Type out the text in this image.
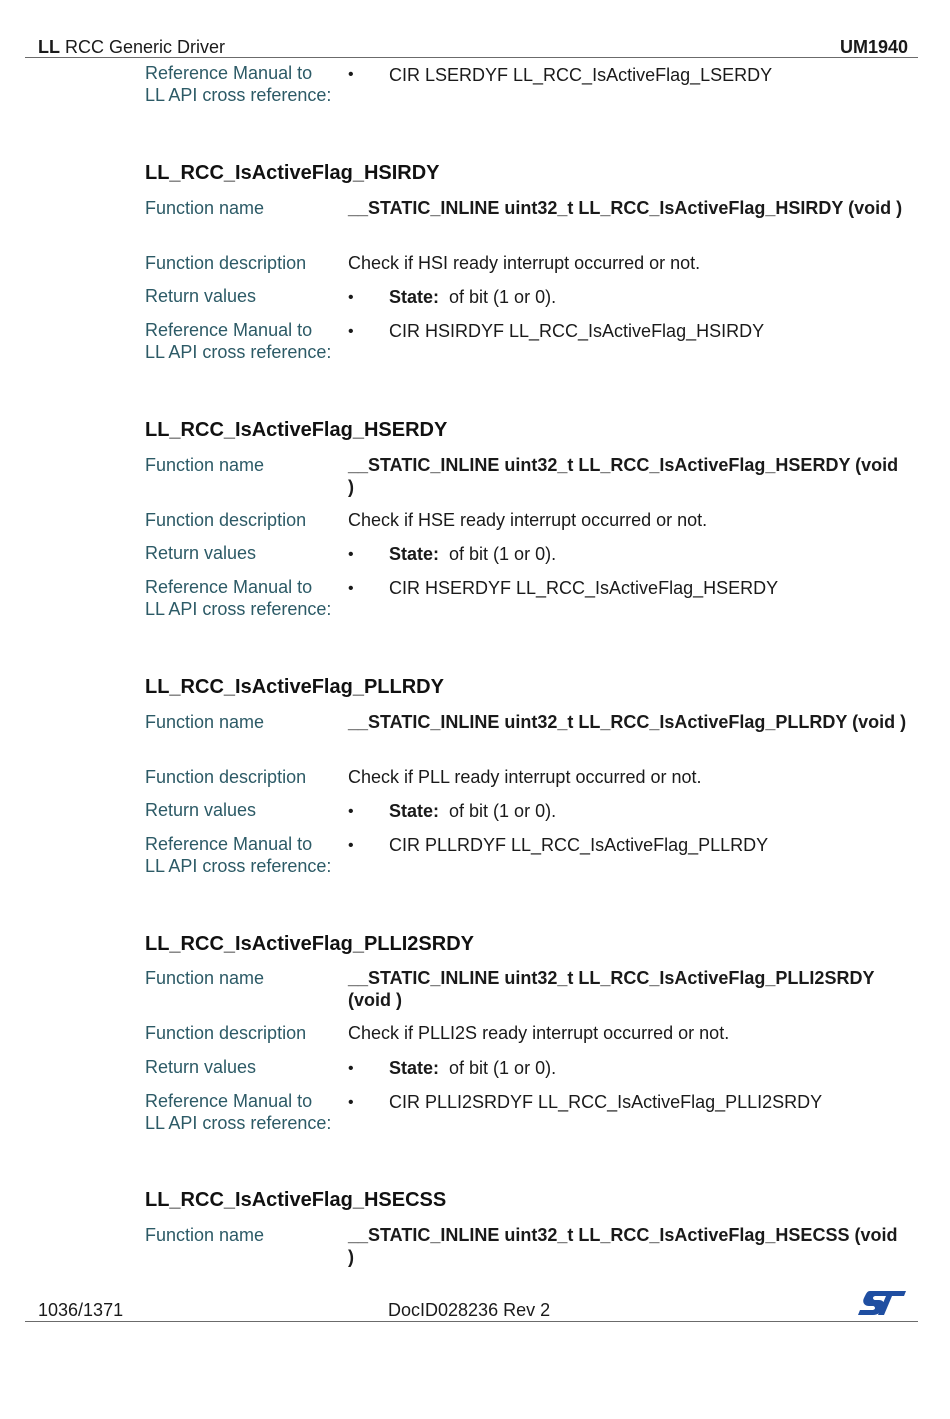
LL RCC Generic Driver	UM1940
Reference Manual to LL API cross reference:
• CIR LSERDYF LL_RCC_IsActiveFlag_LSERDY
LL_RCC_IsActiveFlag_HSIRDY
Function name	__STATIC_INLINE uint32_t LL_RCC_IsActiveFlag_HSIRDY (void )
Function description	Check if HSI ready interrupt occurred or not.
Return values	• State: of bit (1 or 0).
Reference Manual to LL API cross reference:
• CIR HSIRDYF LL_RCC_IsActiveFlag_HSIRDY
LL_RCC_IsActiveFlag_HSERDY
Function name	__STATIC_INLINE uint32_t LL_RCC_IsActiveFlag_HSERDY (void )
Function description	Check if HSE ready interrupt occurred or not.
Return values	• State: of bit (1 or 0).
Reference Manual to LL API cross reference:
• CIR HSERDYF LL_RCC_IsActiveFlag_HSERDY
LL_RCC_IsActiveFlag_PLLRDY
Function name	__STATIC_INLINE uint32_t LL_RCC_IsActiveFlag_PLLRDY (void )
Function description	Check if PLL ready interrupt occurred or not.
Return values	• State: of bit (1 or 0).
Reference Manual to LL API cross reference:
• CIR PLLRDYF LL_RCC_IsActiveFlag_PLLRDY
LL_RCC_IsActiveFlag_PLLI2SRDY
Function name	__STATIC_INLINE uint32_t LL_RCC_IsActiveFlag_PLLI2SRDY (void )
Function description	Check if PLLI2S ready interrupt occurred or not.
Return values	• State: of bit (1 or 0).
Reference Manual to LL API cross reference:
• CIR PLLI2SRDYF LL_RCC_IsActiveFlag_PLLI2SRDY
LL_RCC_IsActiveFlag_HSECSS
Function name	__STATIC_INLINE uint32_t LL_RCC_IsActiveFlag_HSECSS (void )
1036/1371	DocID028236 Rev 2
